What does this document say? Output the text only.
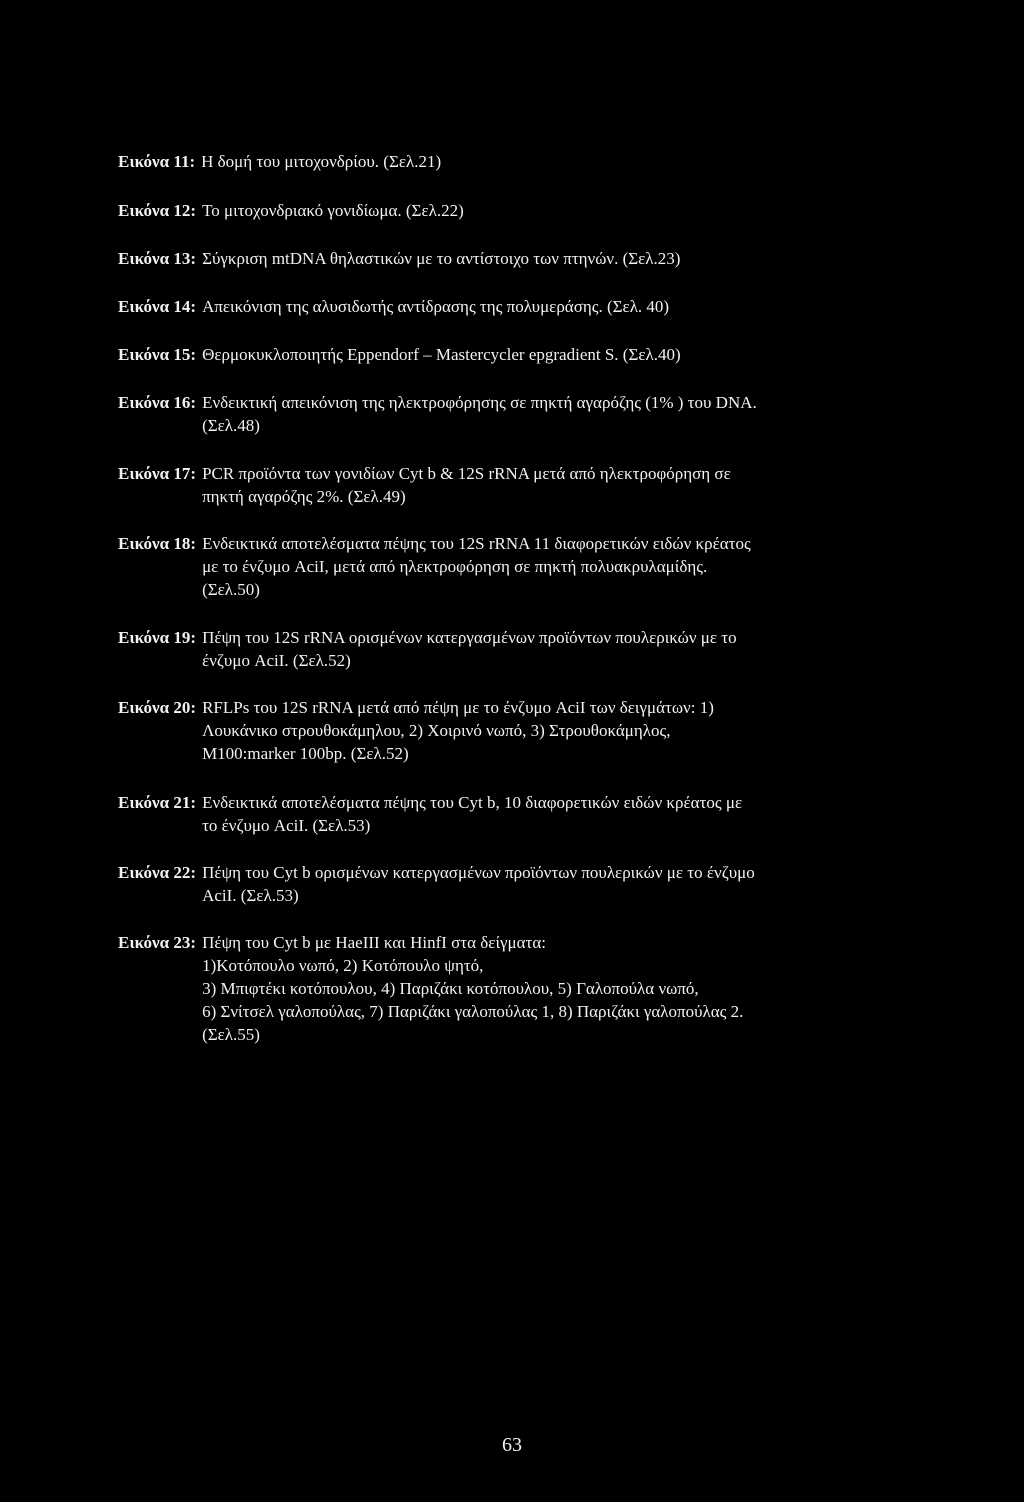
Εικόνα 11: Η δομή του μιτοχονδρίου. (Σελ.21)
Εικόνα 12: Το μιτοχονδριακό γονιδίωμα. (Σελ.22)
Εικόνα 13: Σύγκριση mtDNA θηλαστικών με το αντίστοιχο των πτηνών. (Σελ.23)
Εικόνα 14: Απεικόνιση της αλυσιδωτής αντίδρασης της πολυμεράσης. (Σελ. 40)
Εικόνα 15: Θερμοκυκλοποιητής Eppendorf – Mastercycler epgradient S. (Σελ.40)
Εικόνα 16: Ενδεικτική απεικόνιση της ηλεκτροφόρησης σε πηκτή αγαρόζης (1% ) του DNA.
(Σελ.48)
Εικόνα 17: PCR προϊόντα των γονιδίων Cyt b & 12S rRNA μετά από ηλεκτροφόρηση σε
πηκτή αγαρόζης 2%. (Σελ.49)
Εικόνα 18: Ενδεικτικά αποτελέσματα πέψης του 12S rRNA 11 διαφορετικών ειδών κρέατος
με το ένζυμο AciI, μετά από ηλεκτροφόρηση σε πηκτή πολυακρυλαμίδης.
(Σελ.50)
Εικόνα 19: Πέψη του 12S rRNA ορισμένων κατεργασμένων προϊόντων πουλερικών με το
ένζυμο AciI. (Σελ.52)
Εικόνα 20: RFLPs του 12S rRNA μετά από πέψη με το ένζυμο AciI των δειγμάτων: 1)
Λουκάνικο στρουθοκάμηλου, 2) Χοιρινό νωπό, 3) Στρουθοκάμηλος,
M100:marker 100bp. (Σελ.52)
Εικόνα 21: Ενδεικτικά αποτελέσματα πέψης του Cyt b, 10 διαφορετικών ειδών κρέατος με
το ένζυμο AciI. (Σελ.53)
Εικόνα 22: Πέψη του Cyt b ορισμένων κατεργασμένων προϊόντων πουλερικών με το ένζυμο
AciI. (Σελ.53)
Εικόνα 23: Πέψη του Cyt b με HaeIII και HinfI στα δείγματα:
1)Κοτόπουλο νωπό, 2) Κοτόπουλο ψητό,
3) Μπιφτέκι κοτόπουλου, 4) Παριζάκι κοτόπουλου, 5) Γαλοπούλα νωπό,
6) Σνίτσελ γαλοπούλας, 7) Παριζάκι γαλοπούλας 1, 8) Παριζάκι γαλοπούλας 2.
(Σελ.55)
63
